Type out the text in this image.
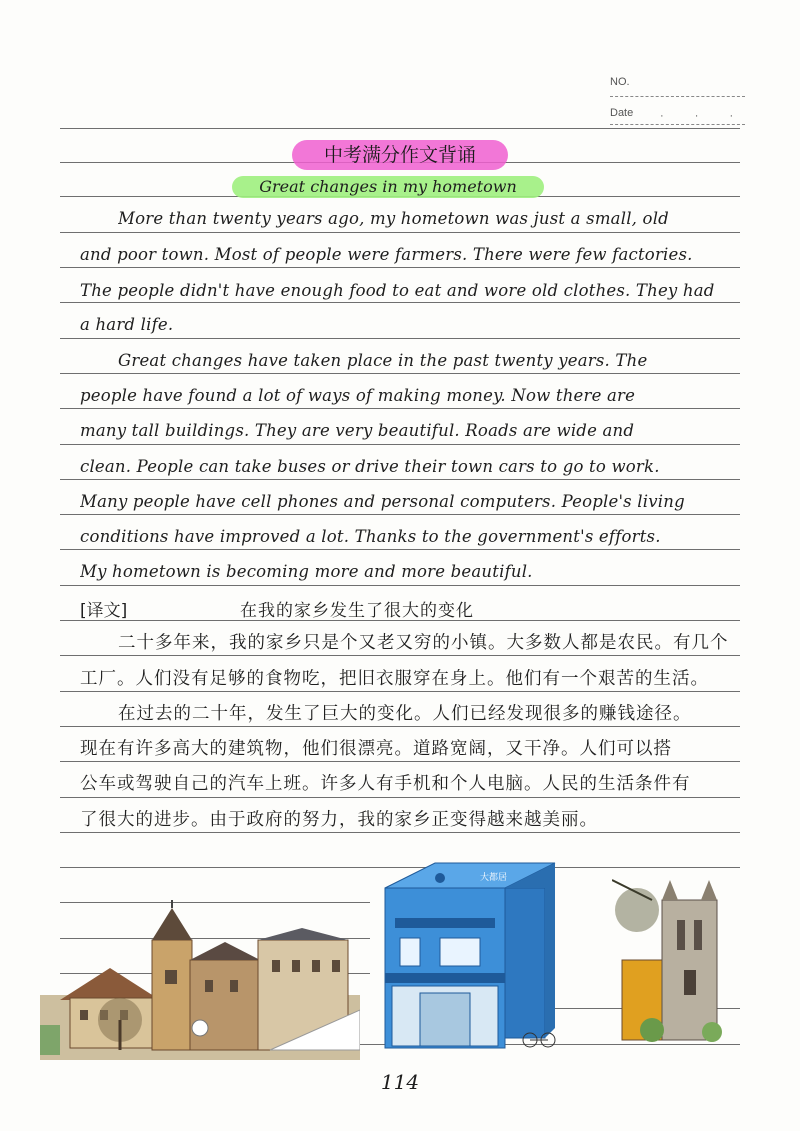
NO.
Date · · ·
中考满分作文背诵
Great changes in my hometown
More than twenty years ago, my hometown was just a small, old
and poor town. Most of people were farmers. There were few factories.
The people didn't have enough food to eat and wore old clothes. They had
a hard life.
Great changes have taken place in the past twenty years. The
people have found a lot of ways of making money. Now there are
many tall buildings. They are very beautiful. Roads are wide and
clean. People can take buses or drive their town cars to go to work.
Many people have cell phones and personal computers. People's living
conditions have improved a lot. Thanks to the government's efforts.
My hometown is becoming more and more beautiful.
[译文]	在我的家乡发生了很大的变化
二十多年来，我的家乡只是个又老又穷的小镇。大多数人都是农民。有几个
工厂。人们没有足够的食物吃，把旧衣服穿在身上。他们有一个艰苦的生活。
在过去的二十年，发生了巨大的变化。人们已经发现很多的赚钱途径。
现在有许多高大的建筑物，他们很漂亮。道路宽阔，又干净。人们可以搭
公车或驾驶自己的汽车上班。许多人有手机和个人电脑。人民的生活条件有
了很大的进步。由于政府的努力，我的家乡正变得越来越美丽。
大都居
114
